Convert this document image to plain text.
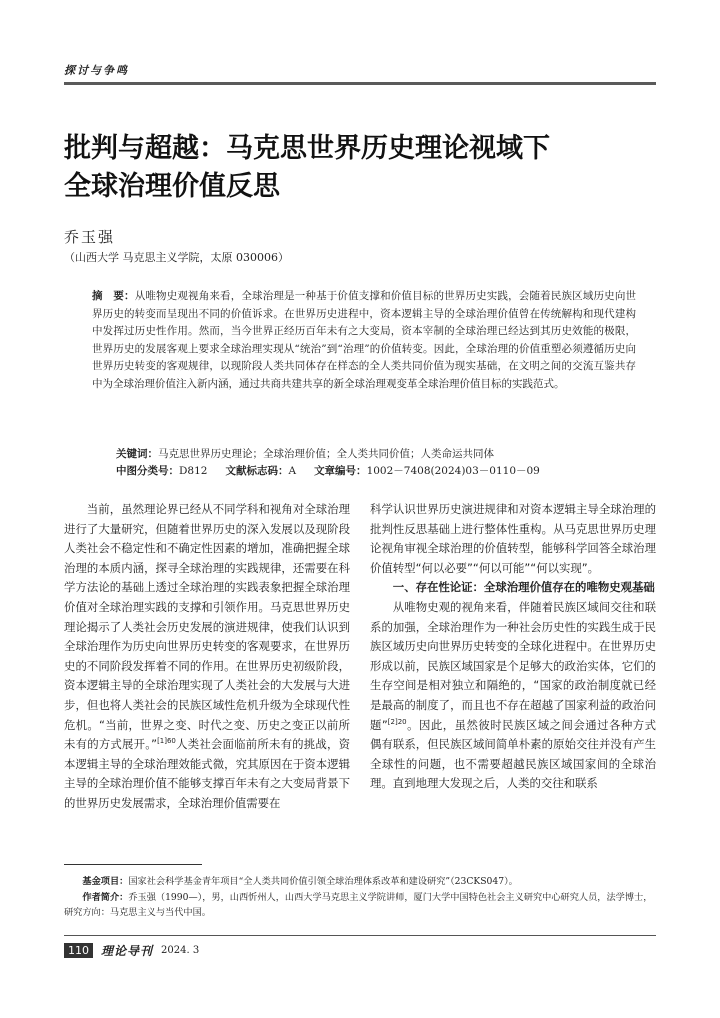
探讨与争鸣
批判与超越：马克思世界历史理论视域下
全球治理价值反思
乔玉强
（山西大学 马克思主义学院，太原 030006）
摘　要：从唯物史观视角来看，全球治理是一种基于价值支撑和价值目标的世界历史实践，会随着民族区域历史向世界历史的转变而呈现出不同的价值诉求。在世界历史进程中，资本逻辑主导的全球治理价值曾在传统解构和现代建构中发挥过历史性作用。然而，当今世界正经历百年未有之大变局，资本宰制的全球治理已经达到其历史效能的极限，世界历史的发展客观上要求全球治理实现从“统治”到“治理”的价值转变。因此，全球治理的价值重塑必须遵循历史向世界历史转变的客观规律，以现阶段人类共同体存在样态的全人类共同价值为现实基础，在文明之间的交流互鉴共存中为全球治理价值注入新内涵，通过共商共建共享的新全球治理观变革全球治理价值目标的实践范式。
关键词：马克思世界历史理论；全球治理价值；全人类共同价值；人类命运共同体
中图分类号：D812 文献标志码：A 文章编号：1002－7408(2024)03－0110－09

当前，虽然理论界已经从不同学科和视角对全球治理进行了大量研究，但随着世界历史的深入发展以及现阶段人类社会不稳定性和不确定性因素的增加，准确把握全球治理的本质内涵，探寻全球治理的实践规律，还需要在科学方法论的基础上透过全球治理的实践表象把握全球治理价值对全球治理实践的支撑和引领作用。马克思世界历史理论揭示了人类社会历史发展的演进规律，使我们认识到全球治理作为历史向世界历史转变的客观要求，在世界历史的不同阶段发挥着不同的作用。在世界历史初级阶段，资本逻辑主导的全球治理实现了人类社会的大发展与大进步，但也将人类社会的民族区域性危机升级为全球现代性危机。“当前，世界之变、时代之变、历史之变正以前所未有的方式展开。”$^{[1]60}$人类社会面临前所未有的挑战，资本逻辑主导的全球治理效能式微，究其原因在于资本逻辑主导的全球治理价值不能够支撑百年未有之大变局背景下的世界历史发展需求，全球治理价值需要在

科学认识世界历史演进规律和对资本逻辑主导全球治理的批判性反思基础上进行整体性重构。从马克思世界历史理论视角审视全球治理的价值转型，能够科学回答全球治理价值转型“何以必要”“何以可能”“何以实现”。

一、存在性论证：全球治理价值存在的唯物史观基础

从唯物史观的视角来看，伴随着民族区域间交往和联系的加强，全球治理作为一种社会历史性的实践生成于民族区域历史向世界历史转变的全球化进程中。在世界历史形成以前，民族区域国家是个足够大的政治实体，它们的生存空间是相对独立和隔绝的，“国家的政治制度就已经是最高的制度了，而且也不存在超越了国家利益的政治问题”$^{[2]20}$。因此，虽然彼时民族区域之间会通过各种方式偶有联系，但民族区域间简单朴素的原始交往并没有产生全球性的问题，也不需要超越民族区域国家间的全球治理。直到地理大发现之后，人类的交往和联系

基金项目：国家社会科学基金青年项目“全人类共同价值引领全球治理体系改革和建设研究”（23CKS047）。

作者简介：乔玉强（1990—），男，山西忻州人，山西大学马克思主义学院讲师，厦门大学中国特色社会主义研究中心研究人员，法学博士，研究方向：马克思主义与当代中国。

110	理论导刊 2024. 3
